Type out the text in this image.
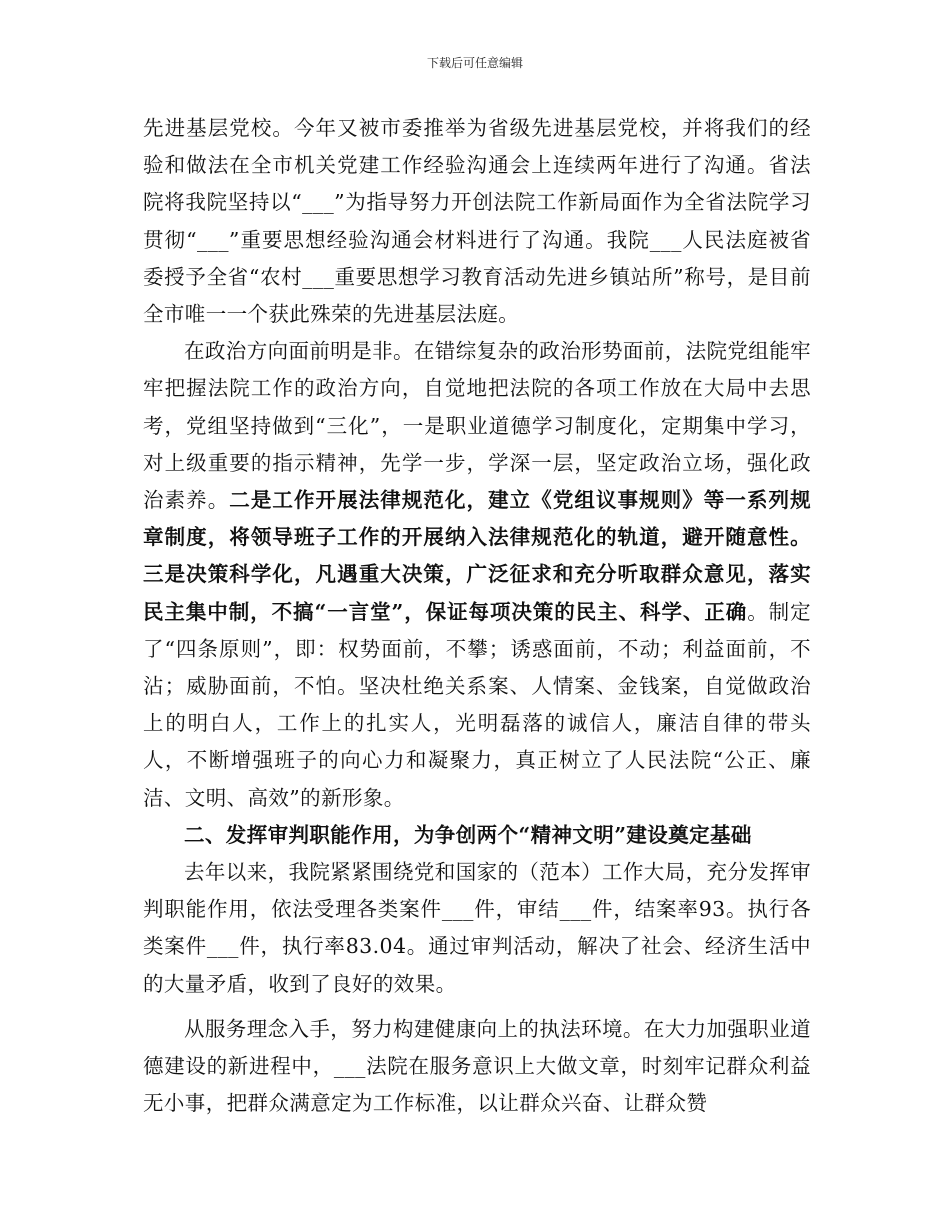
下载后可任意编辑

先进基层党校。今年又被市委推举为省级先进基层党校，并将我们的经验和做法在全市机关党建工作经验沟通会上连续两年进行了沟通。省法院将我院坚持以“___”为指导努力开创法院工作新局面作为全省法院学习贯彻“___”重要思想经验沟通会材料进行了沟通。我院___人民法庭被省委授予全省“农村___重要思想学习教育活动先进乡镇站所”称号，是目前全市唯一一个获此殊荣的先进基层法庭。

在政治方向面前明是非。在错综复杂的政治形势面前，法院党组能牢牢把握法院工作的政治方向，自觉地把法院的各项工作放在大局中去思考，党组坚持做到“三化”，一是职业道德学习制度化，定期集中学习，对上级重要的指示精神，先学一步，学深一层，坚定政治立场，强化政治素养。二是工作开展法律规范化，建立《党组议事规则》等一系列规章制度，将领导班子工作的开展纳入法律规范化的轨道，避开随意性。三是决策科学化，凡遇重大决策，广泛征求和充分听取群众意见，落实民主集中制，不搞“一言堂”，保证每项决策的民主、科学、正确。制定了“四条原则”，即：权势面前，不攀；诱惑面前，不动；利益面前，不沾；威胁面前，不怕。坚决杜绝关系案、人情案、金钱案，自觉做政治上的明白人，工作上的扎实人，光明磊落的诚信人，廉洁自律的带头人，不断增强班子的向心力和凝聚力，真正树立了人民法院“公正、廉洁、文明、高效”的新形象。

二、发挥审判职能作用，为争创两个“精神文明”建设奠定基础

去年以来，我院紧紧围绕党和国家的（范本）工作大局，充分发挥审判职能作用，依法受理各类案件___件，审结___件，结案率93。执行各类案件___件，执行率83.04。通过审判活动，解决了社会、经济生活中的大量矛盾，收到了良好的效果。

从服务理念入手，努力构建健康向上的执法环境。在大力加强职业道德建设的新进程中，___法院在服务意识上大做文章，时刻牢记群众利益无小事，把群众满意定为工作标准，以让群众兴奋、让群众赞
